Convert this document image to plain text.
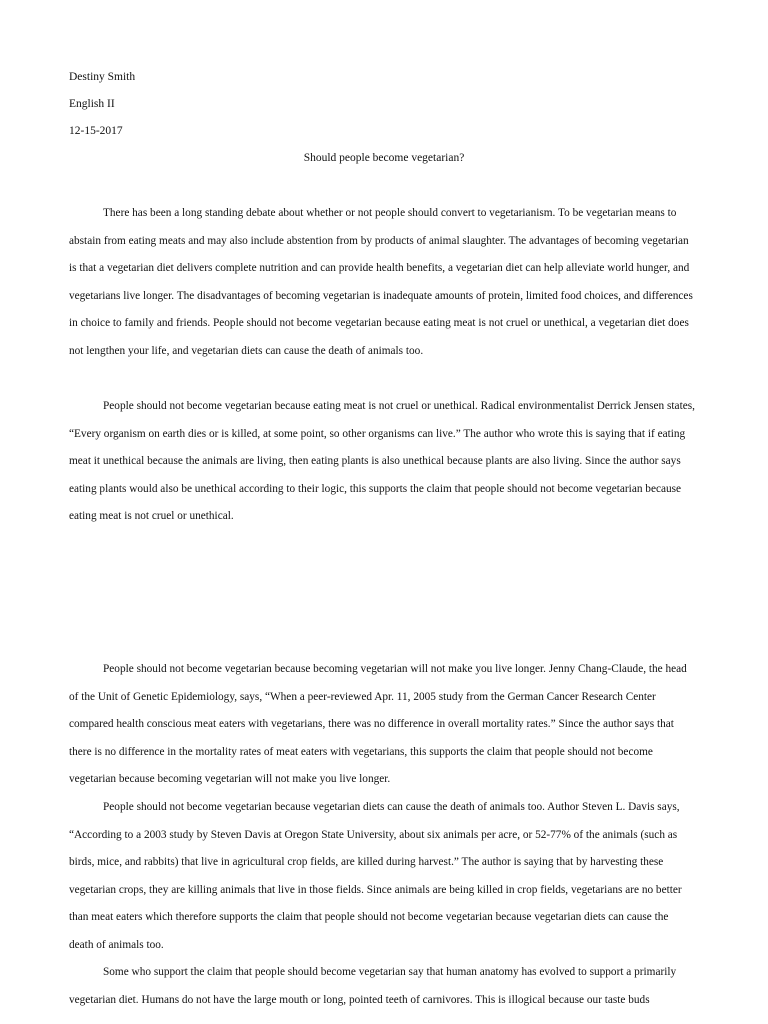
Destiny Smith
English II
12-15-2017
Should people become vegetarian?

There has been a long standing debate about whether or not people should convert to vegetarianism. To be vegetarian means to abstain from eating meats and may also include abstention from by products of animal slaughter. The advantages of becoming vegetarian is that a vegetarian diet delivers complete nutrition and can provide health benefits, a vegetarian diet can help alleviate world hunger, and vegetarians live longer. The disadvantages of becoming vegetarian is inadequate amounts of protein, limited food choices, and differences in choice to family and friends. People should not become vegetarian because eating meat is not cruel or unethical, a vegetarian diet does not lengthen your life, and vegetarian diets can cause the death of animals too.

People should not become vegetarian because eating meat is not cruel or unethical. Radical environmentalist Derrick Jensen states, “Every organism on earth dies or is killed, at some point, so other organisms can live.” The author who wrote this is saying that if eating meat it unethical because the animals are living, then eating plants is also unethical because plants are also living. Since the author says eating plants would also be unethical according to their logic, this supports the claim that people should not become vegetarian because eating meat is not cruel or unethical.

People should not become vegetarian because becoming vegetarian will not make you live longer. Jenny Chang-Claude, the head of the Unit of Genetic Epidemiology, says, “When a peer-reviewed Apr. 11, 2005 study from the German Cancer Research Center compared health conscious meat eaters with vegetarians, there was no difference in overall mortality rates.” Since the author says that there is no difference in the mortality rates of meat eaters with vegetarians, this supports the claim that people should not become vegetarian because becoming vegetarian will not make you live longer.

People should not become vegetarian because vegetarian diets can cause the death of animals too. Author Steven L. Davis says, “According to a 2003 study by Steven Davis at Oregon State University, about six animals per acre, or 52-77% of the animals (such as birds, mice, and rabbits) that live in agricultural crop fields, are killed during harvest.” The author is saying that by harvesting these vegetarian crops, they are killing animals that live in those fields. Since animals are being killed in crop fields, vegetarians are no better than meat eaters which therefore supports the claim that people should not become vegetarian because vegetarian diets can cause the death of animals too.

Some who support the claim that people should become vegetarian say that human anatomy has evolved to support a primarily vegetarian diet. Humans do not have the large mouth or long, pointed teeth of carnivores. This is illogical because our taste buds
